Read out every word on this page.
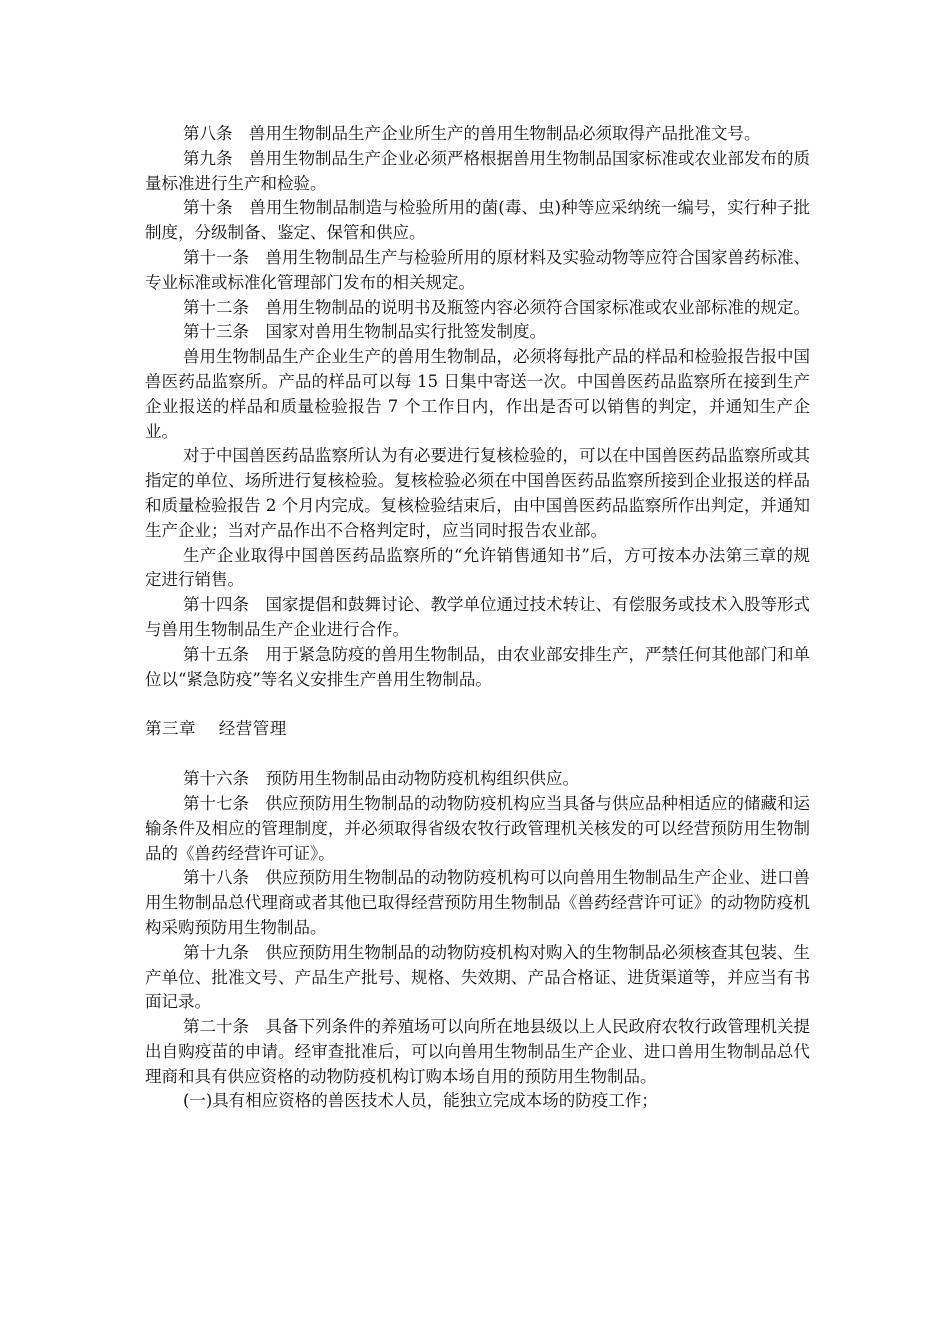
第八条　兽用生物制品生产企业所生产的兽用生物制品必须取得产品批准文号。

第九条　兽用生物制品生产企业必须严格根据兽用生物制品国家标准或农业部发布的质量标准进行生产和检验。

第十条　兽用生物制品制造与检验所用的菌(毒、虫)种等应采纳统一编号，实行种子批制度，分级制备、鉴定、保管和供应。

第十一条　兽用生物制品生产与检验所用的原材料及实验动物等应符合国家兽药标准、专业标准或标准化管理部门发布的相关规定。

第十二条　兽用生物制品的说明书及瓶签内容必须符合国家标准或农业部标准的规定。

第十三条　国家对兽用生物制品实行批签发制度。

兽用生物制品生产企业生产的兽用生物制品，必须将每批产品的样品和检验报告报中国兽医药品监察所。产品的样品可以每 15 日集中寄送一次。中国兽医药品监察所在接到生产企业报送的样品和质量检验报告 7 个工作日内，作出是否可以销售的判定，并通知生产企业。

对于中国兽医药品监察所认为有必要进行复核检验的，可以在中国兽医药品监察所或其指定的单位、场所进行复核检验。复核检验必须在中国兽医药品监察所接到企业报送的样品和质量检验报告 2 个月内完成。复核检验结束后，由中国兽医药品监察所作出判定，并通知生产企业；当对产品作出不合格判定时，应当同时报告农业部。

生产企业取得中国兽医药品监察所的“允许销售通知书”后，方可按本办法第三章的规定进行销售。

第十四条　国家提倡和鼓舞讨论、教学单位通过技术转让、有偿服务或技术入股等形式与兽用生物制品生产企业进行合作。

第十五条　用于紧急防疫的兽用生物制品，由农业部安排生产，严禁任何其他部门和单位以“紧急防疫”等名义安排生产兽用生物制品。

第三章　 经营管理

第十六条　预防用生物制品由动物防疫机构组织供应。

第十七条　供应预防用生物制品的动物防疫机构应当具备与供应品种相适应的储藏和运输条件及相应的管理制度，并必须取得省级农牧行政管理机关核发的可以经营预防用生物制品的《兽药经营许可证》。

第十八条　供应预防用生物制品的动物防疫机构可以向兽用生物制品生产企业、进口兽用生物制品总代理商或者其他已取得经营预防用生物制品《兽药经营许可证》的动物防疫机构采购预防用生物制品。

第十九条　供应预防用生物制品的动物防疫机构对购入的生物制品必须核查其包装、生产单位、批准文号、产品生产批号、规格、失效期、产品合格证、进货渠道等，并应当有书面记录。

第二十条　具备下列条件的养殖场可以向所在地县级以上人民政府农牧行政管理机关提出自购疫苗的申请。经审查批准后，可以向兽用生物制品生产企业、进口兽用生物制品总代理商和具有供应资格的动物防疫机构订购本场自用的预防用生物制品。

(一)具有相应资格的兽医技术人员，能独立完成本场的防疫工作；
